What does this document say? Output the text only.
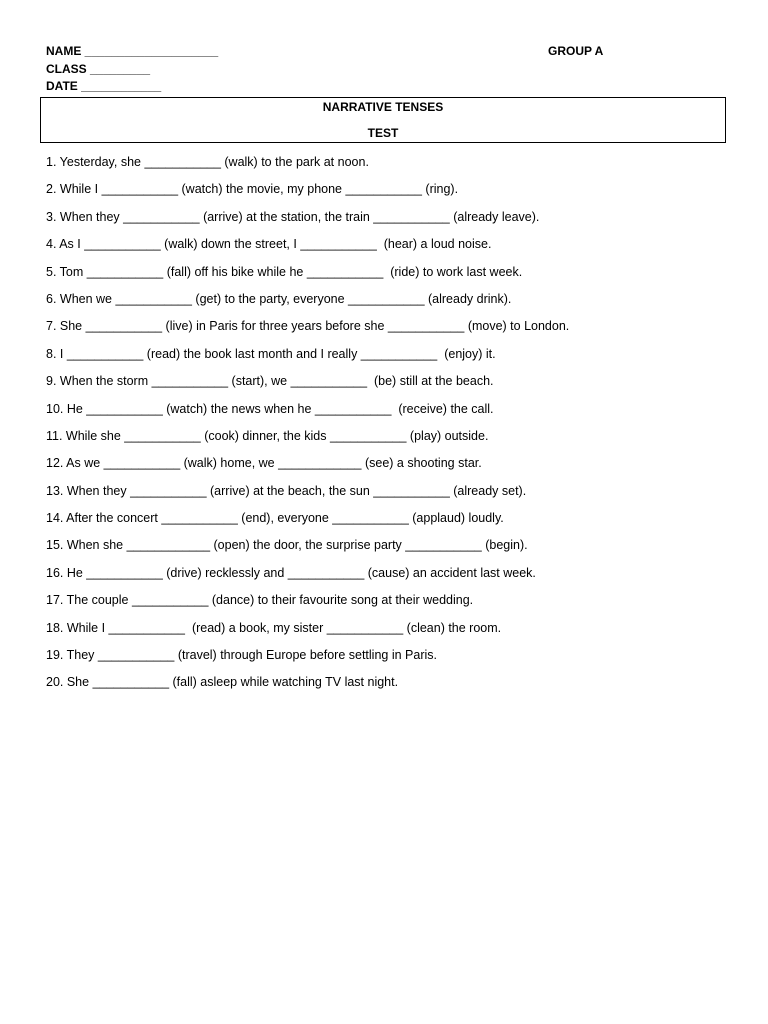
NAME ____________________
CLASS _________
DATE ____________
GROUP A
NARRATIVE TENSES
TEST
1. Yesterday, she ___________ (walk) to the park at noon.
2. While I ___________ (watch) the movie, my phone ___________ (ring).
3. When they ___________ (arrive) at the station, the train ___________ (already leave).
4. As I ___________ (walk) down the street, I ___________  (hear) a loud noise.
5. Tom ___________ (fall) off his bike while he ___________  (ride) to work last week.
6. When we ___________ (get) to the party, everyone ___________ (already drink).
7. She ___________ (live) in Paris for three years before she ___________ (move) to London.
8. I ___________ (read) the book last month and I really ___________  (enjoy) it.
9. When the storm ___________ (start), we ___________  (be) still at the beach.
10. He ___________ (watch) the news when he ___________  (receive) the call.
11. While she ___________ (cook) dinner, the kids ___________ (play) outside.
12. As we ___________ (walk) home, we ____________ (see) a shooting star.
13. When they ___________ (arrive) at the beach, the sun ___________ (already set).
14. After the concert ___________ (end), everyone ___________ (applaud) loudly.
15. When she ____________ (open) the door, the surprise party ___________ (begin).
16. He ___________ (drive) recklessly and ___________ (cause) an accident last week.
17. The couple ___________ (dance) to their favourite song at their wedding.
18. While I ___________  (read) a book, my sister ___________ (clean) the room.
19. They ___________ (travel) through Europe before settling in Paris.
20. She ___________ (fall) asleep while watching TV last night.
